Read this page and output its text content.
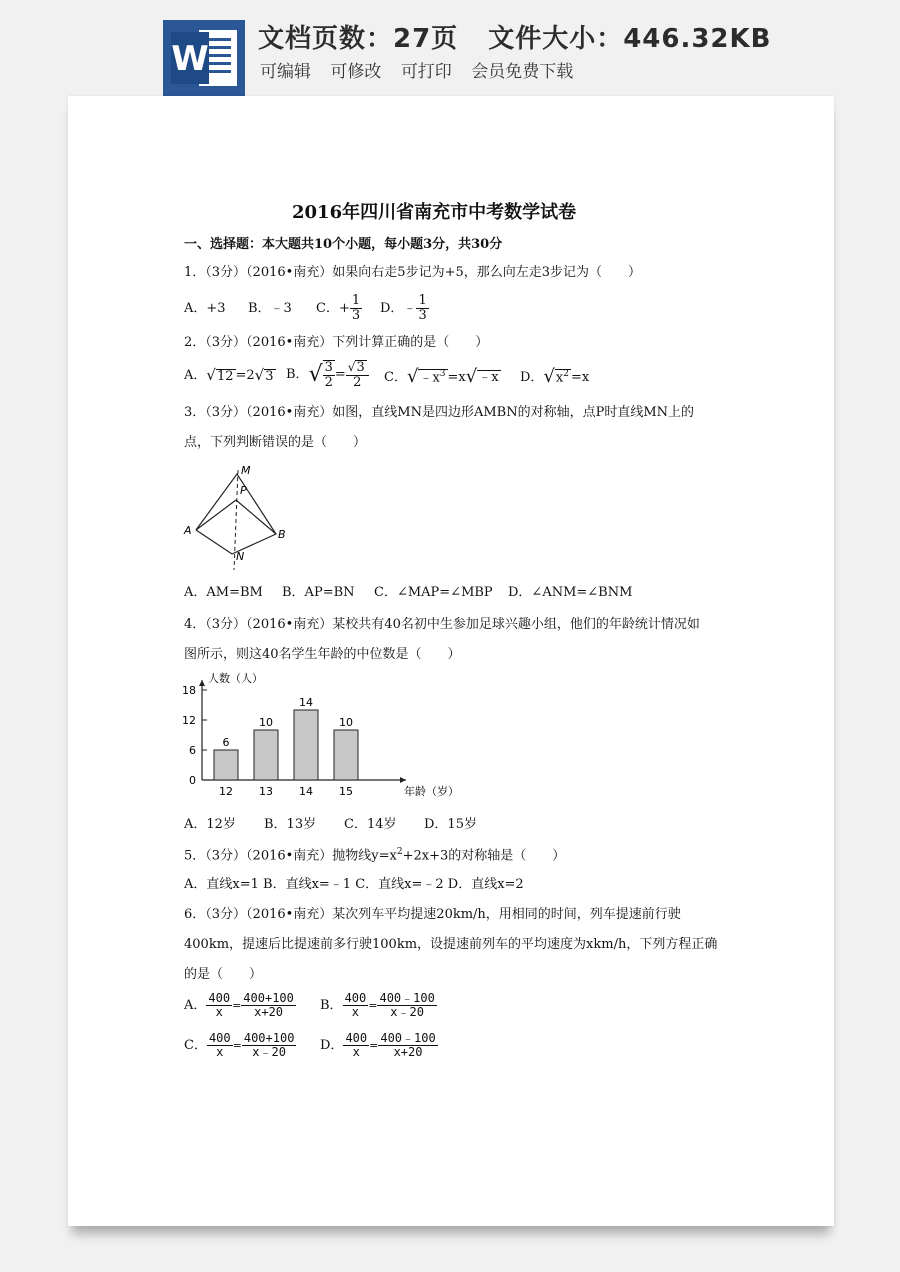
W 文档页数：27页 文件大小：446.32KB
可编辑 可修改 可打印 会员免费下载
2016年四川省南充市中考数学试卷
一、选择题：本大题共10个小题，每小题3分，共30分
1．（3分）（2016•南充）如果向右走5步记为+5，那么向左走3步记为（　　）
A．+3 B．﹣3 C．+ $\frac{1}{3}$ D．﹣ $\frac{1}{3}$
2．（3分）（2016•南充）下列计算正确的是（　　）
A． √ 12 =2 √ 3 B． √ $\frac{3}{2} = \frac{√3}{2}$ C． √ $﹣x^3 =x$ √ ﹣x D． √ $x^2 =x$
3．（3分）（2016•南充）如图，直线MN是四边形AMBN的对称轴，点P时直线MN上的
点，下列判断错误的是（　　）
M
P
A	B
N
A．AM=BM B．AP=BN C．∠MAP=∠MBP D．∠ANM=∠BNM
4．（3分）（2016•南充）某校共有40名初中生参加足球兴趣小组，他们的年龄统计情况如
图所示，则这40名学生年龄的中位数是（　　）
人数（人）
年龄（岁）
18
12
6
0
6
12
10
13
14
14
10
15
A．12岁 B．13岁 C．14岁 D．15岁
5．（3分）（2016•南充）抛物线$y=x^2+2x+3$的对称轴是（　　）
A．直线x=1 B．直线x=﹣1 C．直线x=﹣2 D．直线x=2
6．（3分）（2016•南充）某次列车平均提速20km/h，用相同的时间，列车提速前行驶
400km，提速后比提速前多行驶100km，设提速前列车的平均速度为xkm/h，下列方程正确
的是（　　）
A． $\frac{400}{x} = \frac{400+100}{x+20}$ B． $\frac{400}{x} = \frac{400﹣100}{x﹣20}$
C． $\frac{400}{x} = \frac{400+100}{x﹣20}$ D． $\frac{400}{x} = \frac{400﹣100}{x+20}$
